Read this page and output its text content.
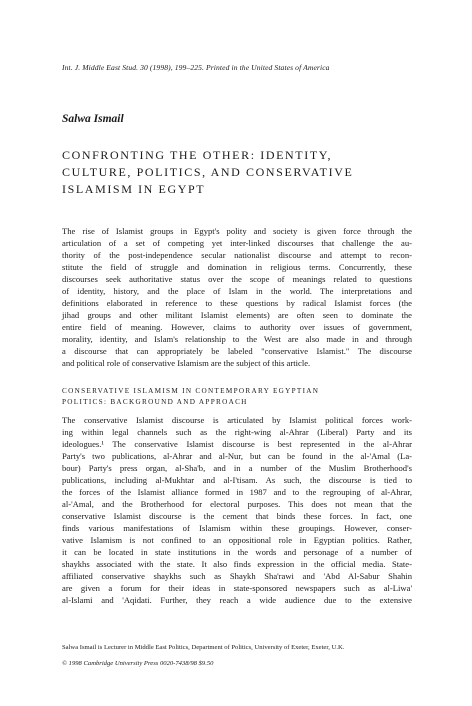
Int. J. Middle East Stud. 30 (1998), 199–225. Printed in the United States of America
Salwa Ismail
CONFRONTING THE OTHER: IDENTITY,
CULTURE, POLITICS, AND CONSERVATIVE
ISLAMISM IN EGYPT
The rise of Islamist groups in Egypt's polity and society is given force through the
articulation of a set of competing yet inter-linked discourses that challenge the au-
thority of the post-independence secular nationalist discourse and attempt to recon-
stitute the field of struggle and domination in religious terms. Concurrently, these
discourses seek authoritative status over the scope of meanings related to questions
of identity, history, and the place of Islam in the world. The interpretations and
definitions elaborated in reference to these questions by radical Islamist forces (the
jihad groups and other militant Islamist elements) are often seen to dominate the
entire field of meaning. However, claims to authority over issues of government,
morality, identity, and Islam's relationship to the West are also made in and through
a discourse that can appropriately be labeled "conservative Islamist." The discourse
and political role of conservative Islamism are the subject of this article.
CONSERVATIVE ISLAMISM IN CONTEMPORARY EGYPTIAN
POLITICS: BACKGROUND AND APPROACH
The conservative Islamist discourse is articulated by Islamist political forces work-
ing within legal channels such as the right-wing al-Ahrar (Liberal) Party and its
ideologues.¹ The conservative Islamist discourse is best represented in the al-Ahrar
Party's two publications, al-Ahrar and al-Nur, but can be found in the al-'Amal (La-
bour) Party's press organ, al-Sha'b, and in a number of the Muslim Brotherhood's
publications, including al-Mukhtar and al-I'tisam. As such, the discourse is tied to
the forces of the Islamist alliance formed in 1987 and to the regrouping of al-Ahrar,
al-'Amal, and the Brotherhood for electoral purposes. This does not mean that the
conservative Islamist discourse is the cement that binds these forces. In fact, one
finds various manifestations of Islamism within these groupings. However, conser-
vative Islamism is not confined to an oppositional role in Egyptian politics. Rather,
it can be located in state institutions in the words and personage of a number of
shaykhs associated with the state. It also finds expression in the official media. State-
affiliated conservative shaykhs such as Shaykh Sha'rawi and 'Abd Al-Sabur Shahin
are given a forum for their ideas in state-sponsored newspapers such as al-Liwa'
al-Islami and 'Aqidati. Further, they reach a wide audience due to the extensive
Salwa Ismail is Lecturer in Middle East Politics, Department of Politics, University of Exeter, Exeter, U.K.
© 1998 Cambridge University Press 0020-7438/98 $9.50
